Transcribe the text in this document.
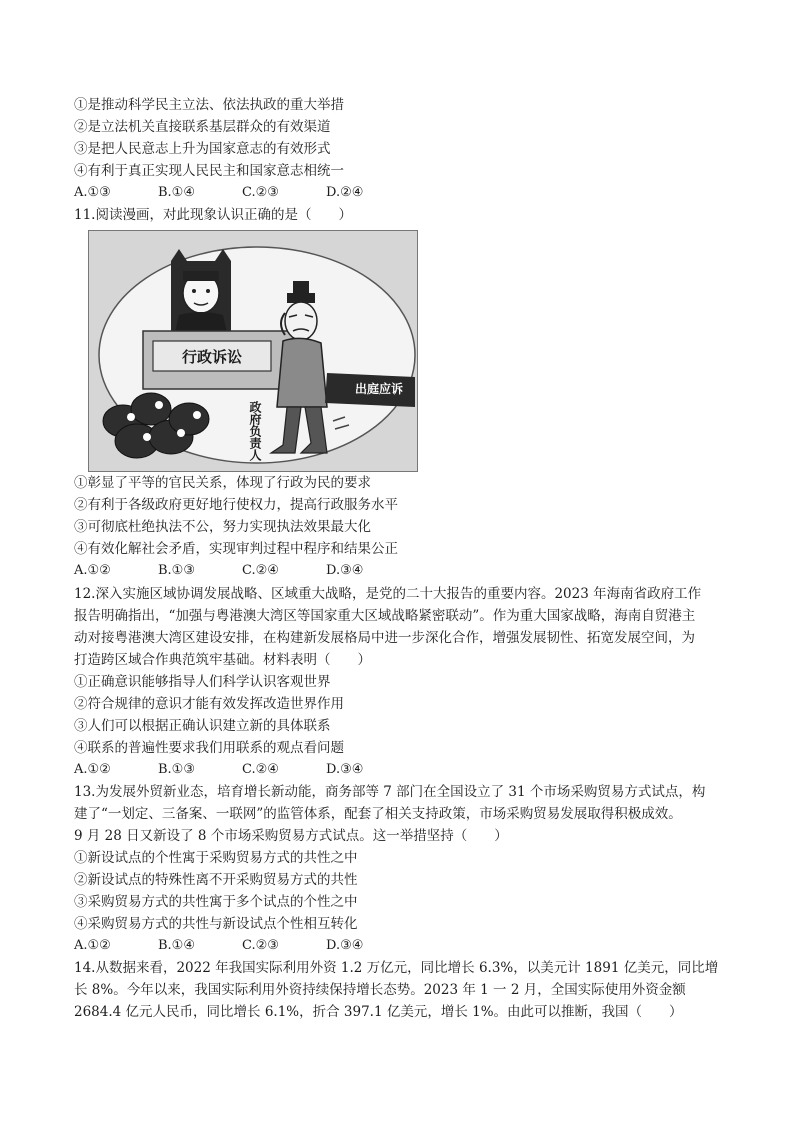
①是推动科学民主立法、依法执政的重大举措
②是立法机关直接联系基层群众的有效渠道
③是把人民意志上升为国家意志的有效形式
④有利于真正实现人民民主和国家意志相统一
A.①③	B.①④	C.②③	D.②④
11.阅读漫画，对此现象认识正确的是（　　）
行政诉讼
出庭应诉
政府负责人
①彰显了平等的官民关系，体现了行政为民的要求
②有利于各级政府更好地行使权力，提高行政服务水平
③可彻底杜绝执法不公，努力实现执法效果最大化
④有效化解社会矛盾，实现审判过程中程序和结果公正
A.①②	B.①③	C.②④	D.③④
12.深入实施区域协调发展战略、区域重大战略，是党的二十大报告的重要内容。2023 年海南省政府工作
报告明确指出，“加强与粤港澳大湾区等国家重大区域战略紧密联动”。作为重大国家战略，海南自贸港主
动对接粤港澳大湾区建设安排，在构建新发展格局中进一步深化合作，增强发展韧性、拓宽发展空间，为
打造跨区域合作典范筑牢基础。材料表明（　　）
①正确意识能够指导人们科学认识客观世界
②符合规律的意识才能有效发挥改造世界作用
③人们可以根据正确认识建立新的具体联系
④联系的普遍性要求我们用联系的观点看问题
A.①②	B.①③	C.②④	D.③④
13.为发展外贸新业态，培育增长新动能，商务部等 7 部门在全国设立了 31 个市场采购贸易方式试点，构
建了“一划定、三备案、一联网”的监管体系，配套了相关支持政策，市场采购贸易发展取得积极成效。
9 月 28 日又新设了 8 个市场采购贸易方式试点。这一举措坚持（　　）
①新设试点的个性寓于采购贸易方式的共性之中
②新设试点的特殊性离不开采购贸易方式的共性
③采购贸易方式的共性寓于多个试点的个性之中
④采购贸易方式的共性与新设试点个性相互转化
A.①②	B.①④	C.②③	D.③④
14.从数据来看，2022 年我国实际利用外资 1.2 万亿元，同比增长 6.3%，以美元计 1891 亿美元，同比增
长 8%。今年以来，我国实际利用外资持续保持增长态势。2023 年 1 一 2 月，全国实际使用外资金额
2684.4 亿元人民币，同比增长 6.1%，折合 397.1 亿美元，增长 1%。由此可以推断，我国（　　）
